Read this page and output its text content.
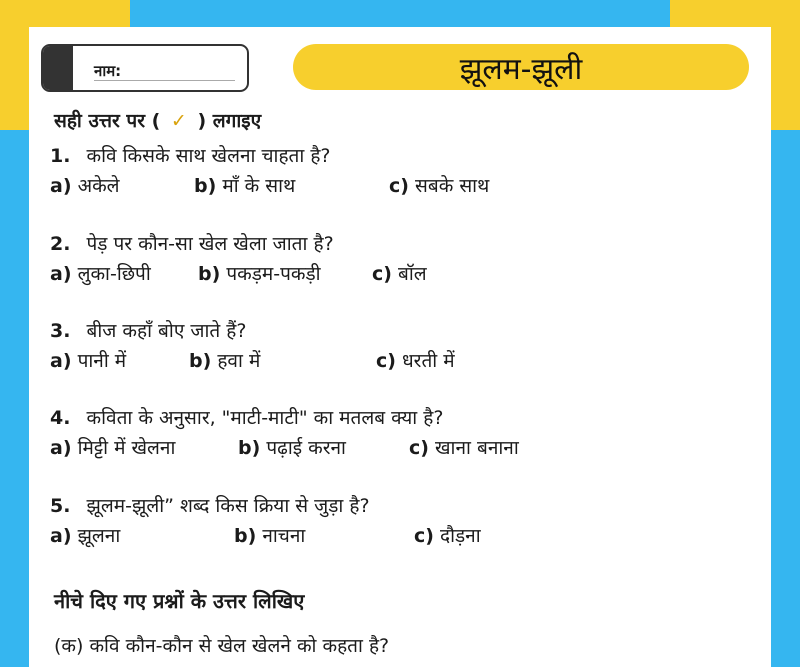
नाम:	झूलम-झूली
सही उत्तर पर ( ✓ ) लगाइए
1. कवि किसके साथ खेलना चाहता है?
a) अकेले	b) माँ के साथ	c) सबके साथ
2. पेड़ पर कौन-सा खेल खेला जाता है?
a) लुका-छिपी b) पकड़म-पकड़ी	c) बॉल
3. बीज कहाँ बोए जाते हैं?
a) पानी में	b) हवा में	c) धरती में
4. कविता के अनुसार, "माटी-माटी" का मतलब क्या है?
a) मिट्टी में खेलना	b) पढ़ाई करना	c) खाना बनाना
5. झूलम-झूली” शब्द किस क्रिया से जुड़ा है?
a) झूलना	b) नाचना	c) दौड़ना
नीचे दिए गए प्रश्नों के उत्तर लिखिए
(क) कवि कौन-कौन से खेल खेलने को कहता है?
